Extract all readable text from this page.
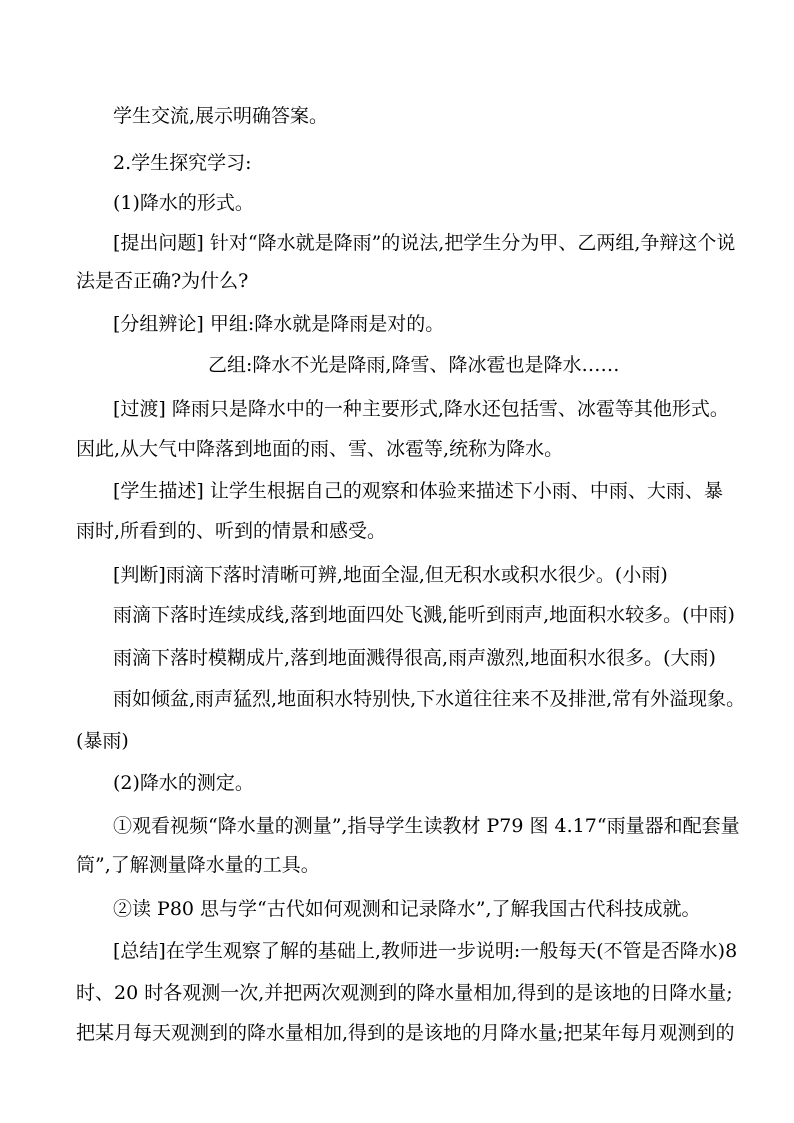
学生交流,展示明确答案。
2.学生探究学习:
(1)降水的形式。
[提出问题] 针对“降水就是降雨”的说法,把学生分为甲、乙两组,争辩这个说
法是否正确?为什么?
[分组辨论] 甲组:降水就是降雨是对的。
乙组:降水不光是降雨,降雪、降冰雹也是降水……
[过渡] 降雨只是降水中的一种主要形式,降水还包括雪、冰雹等其他形式。
因此,从大气中降落到地面的雨、雪、冰雹等,统称为降水。
[学生描述] 让学生根据自己的观察和体验来描述下小雨、中雨、大雨、暴
雨时,所看到的、听到的情景和感受。
[判断]雨滴下落时清晰可辨,地面全湿,但无积水或积水很少。(小雨)
雨滴下落时连续成线,落到地面四处飞溅,能听到雨声,地面积水较多。(中雨)
雨滴下落时模糊成片,落到地面溅得很高,雨声激烈,地面积水很多。(大雨)
雨如倾盆,雨声猛烈,地面积水特别快,下水道往往来不及排泄,常有外溢现象。
(暴雨)
(2)降水的测定。
①观看视频“降水量的测量”,指导学生读教材 P79 图 4.17“雨量器和配套量
筒”,了解测量降水量的工具。
②读 P80 思与学“古代如何观测和记录降水”,了解我国古代科技成就。
[总结]在学生观察了解的基础上,教师进一步说明:一般每天(不管是否降水)8
时、20 时各观测一次,并把两次观测到的降水量相加,得到的是该地的日降水量;
把某月每天观测到的降水量相加,得到的是该地的月降水量;把某年每月观测到的
